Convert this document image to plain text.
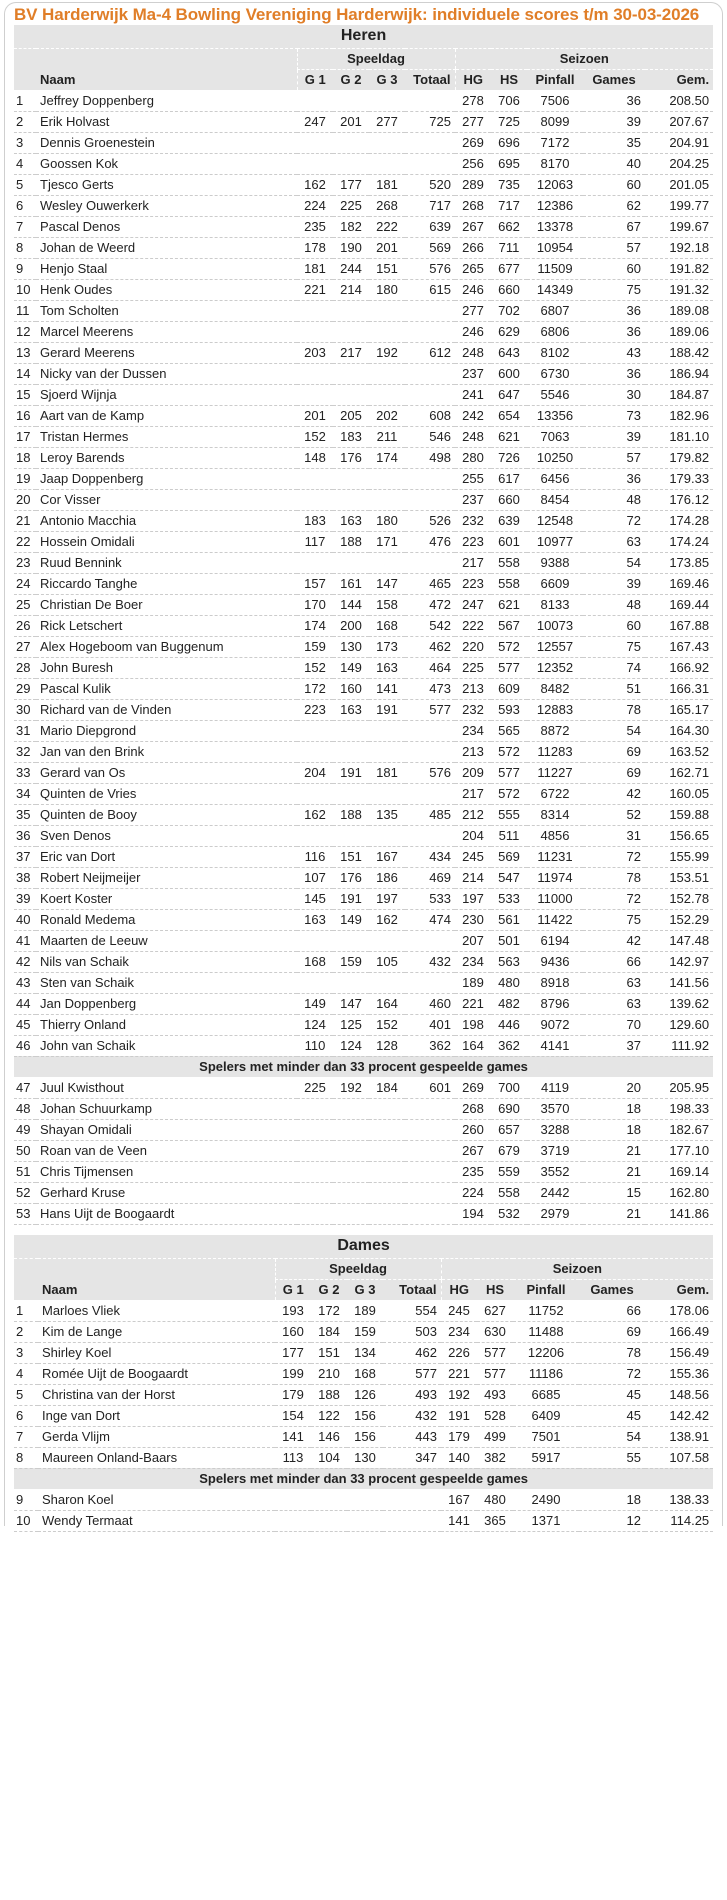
BV Harderwijk Ma-4 Bowling Vereniging Harderwijk: individuele scores t/m 30-03-2026
Heren										
		Speeldag				Seizoen				
	Naam	G 1	G 2	G 3	Totaal	HG	HS	Pinfall	Games	Gem.
1	Jeffrey Doppenberg					278	706	7506	36	208.50
2	Erik Holvast	247	201	277	725	277	725	8099	39	207.67
3	Dennis Groenestein					269	696	7172	35	204.91
4	Goossen Kok					256	695	8170	40	204.25
5	Tjesco Gerts	162	177	181	520	289	735	12063	60	201.05
6	Wesley Ouwerkerk	224	225	268	717	268	717	12386	62	199.77
7	Pascal Denos	235	182	222	639	267	662	13378	67	199.67
8	Johan de Weerd	178	190	201	569	266	711	10954	57	192.18
9	Henjo Staal	181	244	151	576	265	677	11509	60	191.82
10	Henk Oudes	221	214	180	615	246	660	14349	75	191.32
11	Tom Scholten					277	702	6807	36	189.08
12	Marcel Meerens					246	629	6806	36	189.06
13	Gerard Meerens	203	217	192	612	248	643	8102	43	188.42
14	Nicky van der Dussen					237	600	6730	36	186.94
15	Sjoerd Wijnja					241	647	5546	30	184.87
16	Aart van de Kamp	201	205	202	608	242	654	13356	73	182.96
17	Tristan Hermes	152	183	211	546	248	621	7063	39	181.10
18	Leroy Barends	148	176	174	498	280	726	10250	57	179.82
19	Jaap Doppenberg					255	617	6456	36	179.33
20	Cor Visser					237	660	8454	48	176.12
21	Antonio Macchia	183	163	180	526	232	639	12548	72	174.28
22	Hossein Omidali	117	188	171	476	223	601	10977	63	174.24
23	Ruud Bennink					217	558	9388	54	173.85
24	Riccardo Tanghe	157	161	147	465	223	558	6609	39	169.46
25	Christian De Boer	170	144	158	472	247	621	8133	48	169.44
26	Rick Letschert	174	200	168	542	222	567	10073	60	167.88
27	Alex Hogeboom van Buggenum	159	130	173	462	220	572	12557	75	167.43
28	John Buresh	152	149	163	464	225	577	12352	74	166.92
29	Pascal Kulik	172	160	141	473	213	609	8482	51	166.31
30	Richard van de Vinden	223	163	191	577	232	593	12883	78	165.17
31	Mario Diepgrond					234	565	8872	54	164.30
32	Jan van den Brink					213	572	11283	69	163.52
33	Gerard van Os	204	191	181	576	209	577	11227	69	162.71
34	Quinten de Vries					217	572	6722	42	160.05
35	Quinten de Booy	162	188	135	485	212	555	8314	52	159.88
36	Sven Denos					204	511	4856	31	156.65
37	Eric van Dort	116	151	167	434	245	569	11231	72	155.99
38	Robert Neijmeijer	107	176	186	469	214	547	11974	78	153.51
39	Koert Koster	145	191	197	533	197	533	11000	72	152.78
40	Ronald Medema	163	149	162	474	230	561	11422	75	152.29
41	Maarten de Leeuw					207	501	6194	42	147.48
42	Nils van Schaik	168	159	105	432	234	563	9436	66	142.97
43	Sten van Schaik					189	480	8918	63	141.56
44	Jan Doppenberg	149	147	164	460	221	482	8796	63	139.62
45	Thierry Onland	124	125	152	401	198	446	9072	70	129.60
46	John van Schaik	110	124	128	362	164	362	4141	37	111.92
Spelers met minder dan 33 procent gespeelde games										
47	Juul Kwisthout	225	192	184	601	269	700	4119	20	205.95
48	Johan Schuurkamp					268	690	3570	18	198.33
49	Shayan Omidali					260	657	3288	18	182.67
50	Roan van de Veen					267	679	3719	21	177.10
51	Chris Tijmensen					235	559	3552	21	169.14
52	Gerhard Kruse					224	558	2442	15	162.80
53	Hans Uijt de Boogaardt					194	532	2979	21	141.86
Dames										
		Speeldag				Seizoen				
	Naam	G 1	G 2	G 3	Totaal	HG	HS	Pinfall	Games	Gem.
1	Marloes Vliek	193	172	189	554	245	627	11752	66	178.06
2	Kim de Lange	160	184	159	503	234	630	11488	69	166.49
3	Shirley Koel	177	151	134	462	226	577	12206	78	156.49
4	Romée Uijt de Boogaardt	199	210	168	577	221	577	11186	72	155.36
5	Christina van der Horst	179	188	126	493	192	493	6685	45	148.56
6	Inge van Dort	154	122	156	432	191	528	6409	45	142.42
7	Gerda Vlijm	141	146	156	443	179	499	7501	54	138.91
8	Maureen Onland-Baars	113	104	130	347	140	382	5917	55	107.58
Spelers met minder dan 33 procent gespeelde games										
9	Sharon Koel					167	480	2490	18	138.33
10	Wendy Termaat					141	365	1371	12	114.25
